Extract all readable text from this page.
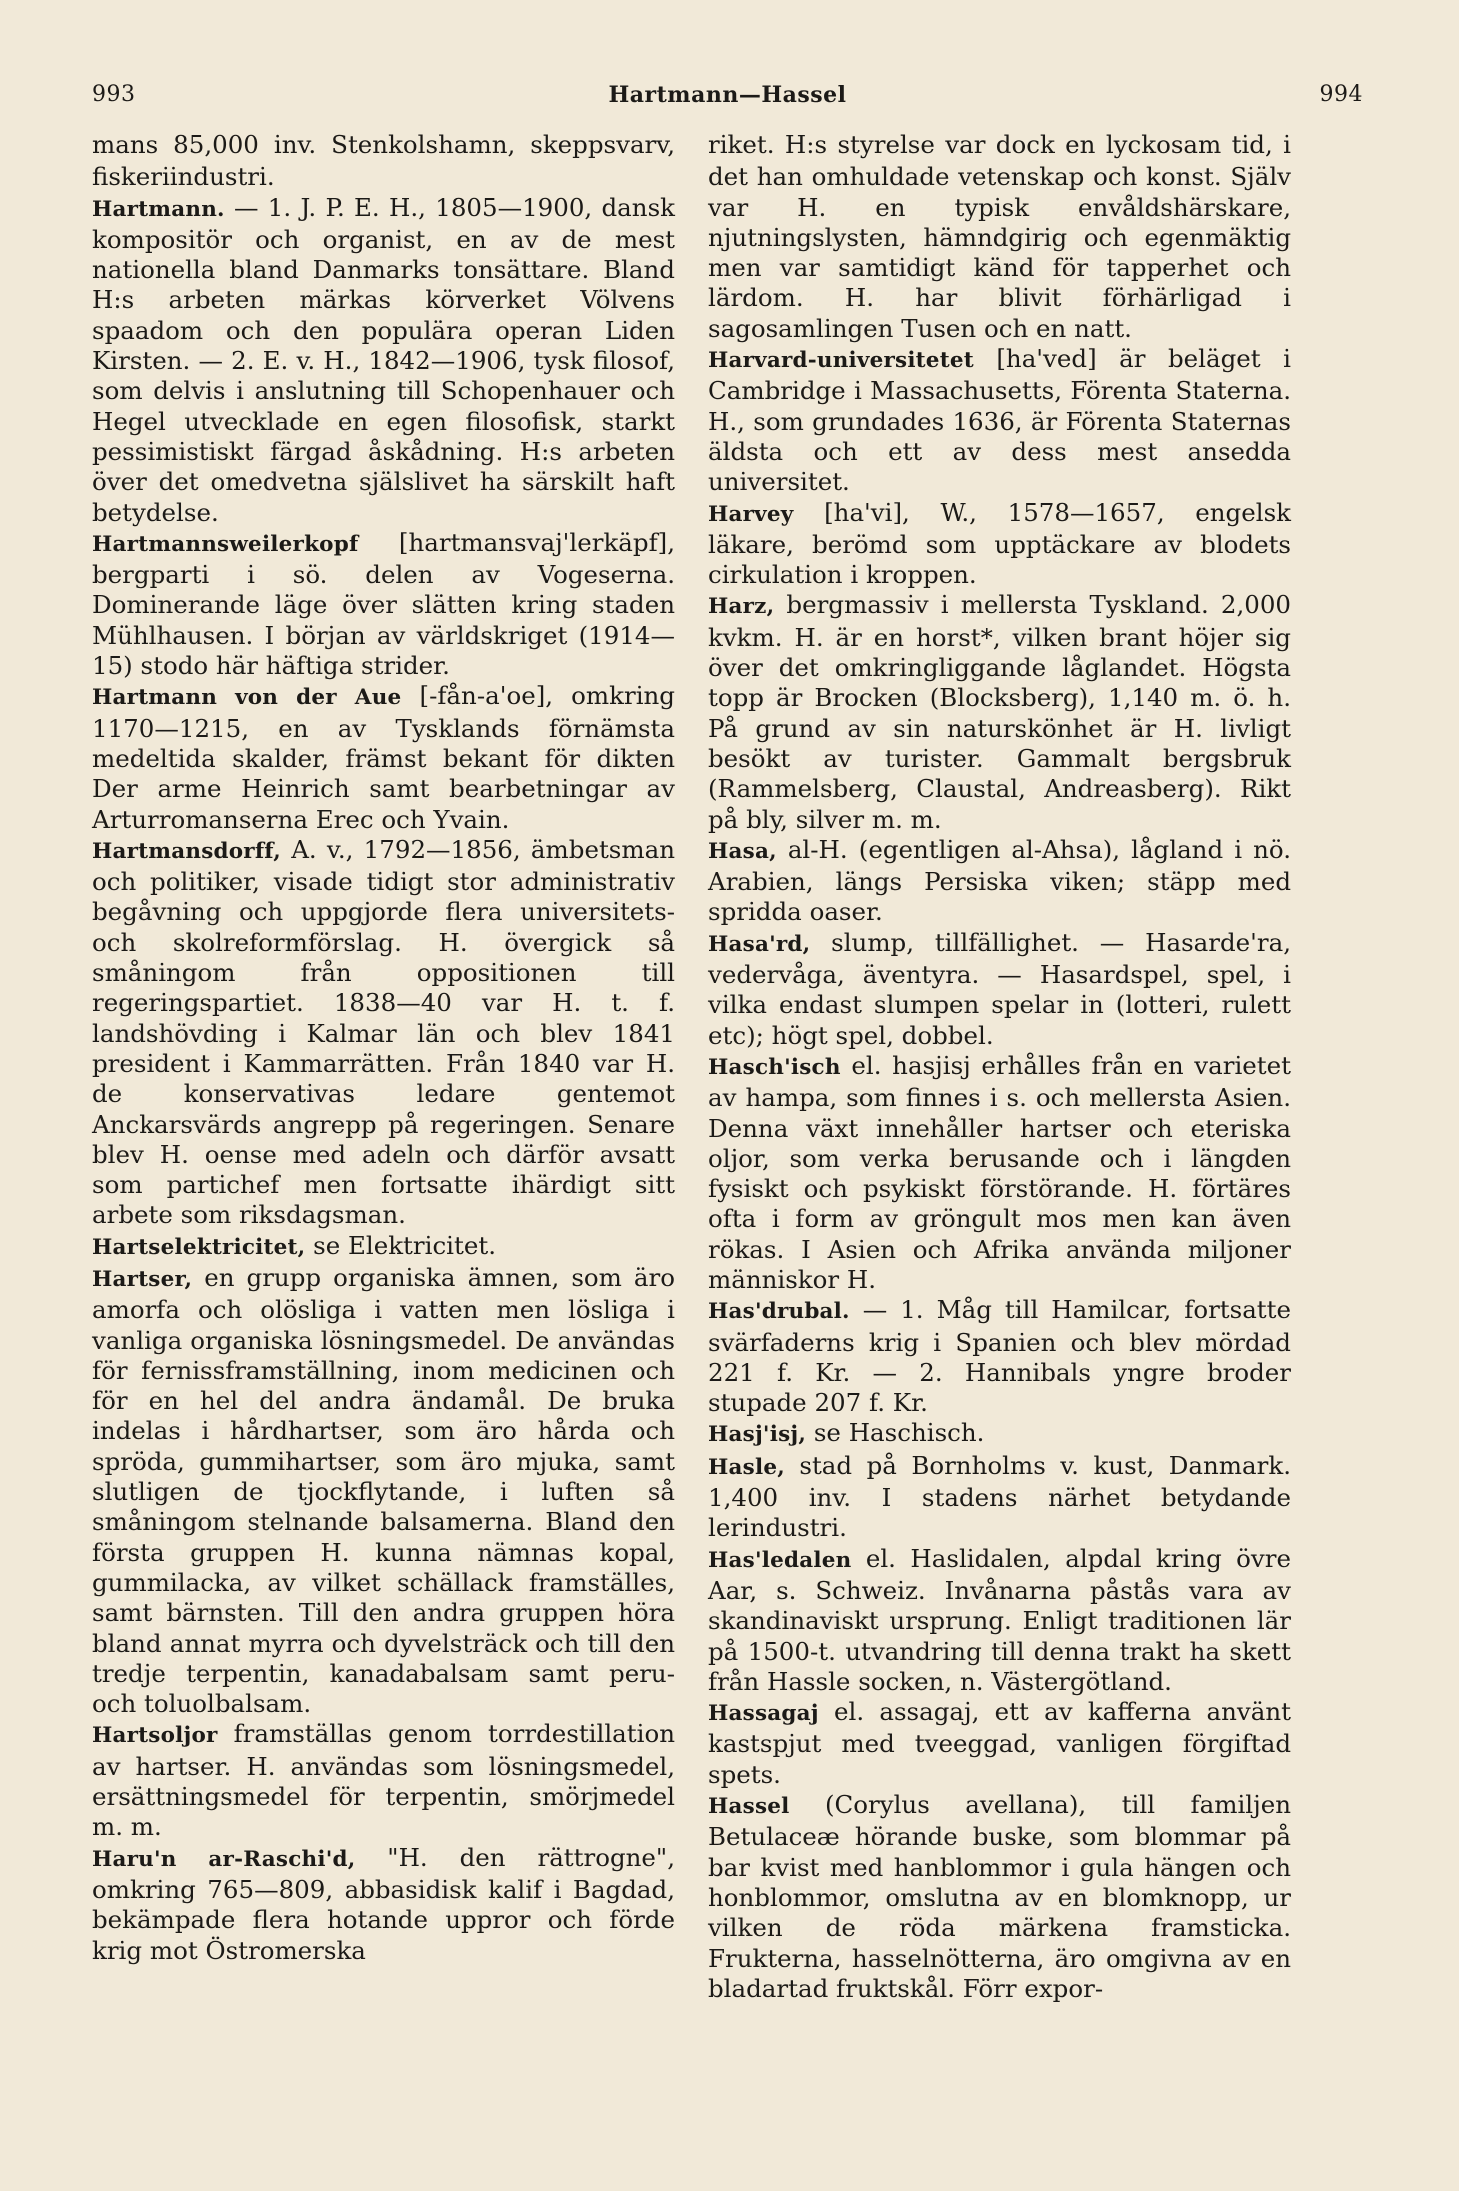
993	Hartmann—Hassel	994

mans 85,000 inv. Stenkolshamn, skeppsvarv, fiskeriindustri.

Hartmann. — 1. J. P. E. H., 1805—1900, dansk kompositör och organist, en av de mest nationella bland Danmarks tonsättare. Bland H:s arbeten märkas körverket Völvens spaadom och den populära operan Liden Kirsten. — 2. E. v. H., 1842—1906, tysk filosof, som delvis i anslutning till Schopenhauer och Hegel utvecklade en egen filosofisk, starkt pessimistiskt färgad åskådning. H:s arbeten över det omedvetna själslivet ha särskilt haft betydelse.

Hartmannsweilerkopf [hartmansvaj'lerkäpf], bergparti i sö. delen av Vogeserna. Dominerande läge över slätten kring staden Mühlhausen. I början av världskriget (1914—15) stodo här häftiga strider.

Hartmann von der Aue [-fån-a'oe], omkring 1170—1215, en av Tysklands förnämsta medeltida skalder, främst bekant för dikten Der arme Heinrich samt bearbetningar av Arturromanserna Erec och Yvain.

Hartmansdorff, A. v., 1792—1856, ämbetsman och politiker, visade tidigt stor administrativ begåvning och uppgjorde flera universitets- och skolreformförslag. H. övergick så småningom från oppositionen till regeringspartiet. 1838—40 var H. t. f. landshövding i Kalmar län och blev 1841 president i Kammarrätten. Från 1840 var H. de konservativas ledare gentemot Anckarsvärds angrepp på regeringen. Senare blev H. oense med adeln och därför avsatt som partichef men fortsatte ihärdigt sitt arbete som riksdagsman.

Hartselektricitet, se Elektricitet.

Hartser, en grupp organiska ämnen, som äro amorfa och olösliga i vatten men lösliga i vanliga organiska lösningsmedel. De användas för fernissframställning, inom medicinen och för en hel del andra ändamål. De bruka indelas i hårdhartser, som äro hårda och spröda, gummihartser, som äro mjuka, samt slutligen de tjockflytande, i luften så småningom stelnande balsamerna. Bland den första gruppen H. kunna nämnas kopal, gummilacka, av vilket schällack framställes, samt bärnsten. Till den andra gruppen höra bland annat myrra och dyvelsträck och till den tredje terpentin, kanadabalsam samt peru- och toluolbalsam.

Hartsoljor framställas genom torrdestillation av hartser. H. användas som lösningsmedel, ersättningsmedel för terpentin, smörjmedel m. m.

Haru'n ar-Raschi'd, "H. den rättrogne", omkring 765—809, abbasidisk kalif i Bagdad, bekämpade flera hotande uppror och förde krig mot Östromerska

riket. H:s styrelse var dock en lyckosam tid, i det han omhuldade vetenskap och konst. Själv var H. en typisk envåldshärskare, njutningslysten, hämndgirig och egenmäktig men var samtidigt känd för tapperhet och lärdom. H. har blivit förhärligad i sagosamlingen Tusen och en natt.

Harvard-universitetet [ha'ved] är beläget i Cambridge i Massachusetts, Förenta Staterna. H., som grundades 1636, är Förenta Staternas äldsta och ett av dess mest ansedda universitet.

Harvey [ha'vi], W., 1578—1657, engelsk läkare, berömd som upptäckare av blodets cirkulation i kroppen.

Harz, bergmassiv i mellersta Tyskland. 2,000 kvkm. H. är en horst*, vilken brant höjer sig över det omkringliggande låglandet. Högsta topp är Brocken (Blocksberg), 1,140 m. ö. h. På grund av sin naturskönhet är H. livligt besökt av turister. Gammalt bergsbruk (Rammelsberg, Claustal, Andreasberg). Rikt på bly, silver m. m.

Hasa, al-H. (egentligen al-Ahsa), lågland i nö. Arabien, längs Persiska viken; stäpp med spridda oaser.

Hasa'rd, slump, tillfällighet. — Hasarde'ra, vedervåga, äventyra. — Hasardspel, spel, i vilka endast slumpen spelar in (lotteri, rulett etc); högt spel, dobbel.

Hasch'isch el. hasjisj erhålles från en varietet av hampa, som finnes i s. och mellersta Asien. Denna växt innehåller hartser och eteriska oljor, som verka berusande och i längden fysiskt och psykiskt förstörande. H. förtäres ofta i form av gröngult mos men kan även rökas. I Asien och Afrika använda miljoner människor H.

Has'drubal. — 1. Måg till Hamilcar, fortsatte svärfaderns krig i Spanien och blev mördad 221 f. Kr. — 2. Hannibals yngre broder stupade 207 f. Kr.

Hasj'isj, se Haschisch.

Hasle, stad på Bornholms v. kust, Danmark. 1,400 inv. I stadens närhet betydande lerindustri.

Has'ledalen el. Haslidalen, alpdal kring övre Aar, s. Schweiz. Invånarna påstås vara av skandinaviskt ursprung. Enligt traditionen lär på 1500-t. utvandring till denna trakt ha skett från Hassle socken, n. Västergötland.

Hassagaj el. assagaj, ett av kafferna använt kastspjut med tveeggad, vanligen förgiftad spets.

Hassel (Corylus avellana), till familjen Betulaceæ hörande buske, som blommar på bar kvist med hanblommor i gula hängen och honblommor, omslutna av en blomknopp, ur vilken de röda märkena framsticka. Frukterna, hasselnötterna, äro omgivna av en bladartad fruktskål. Förr expor-
